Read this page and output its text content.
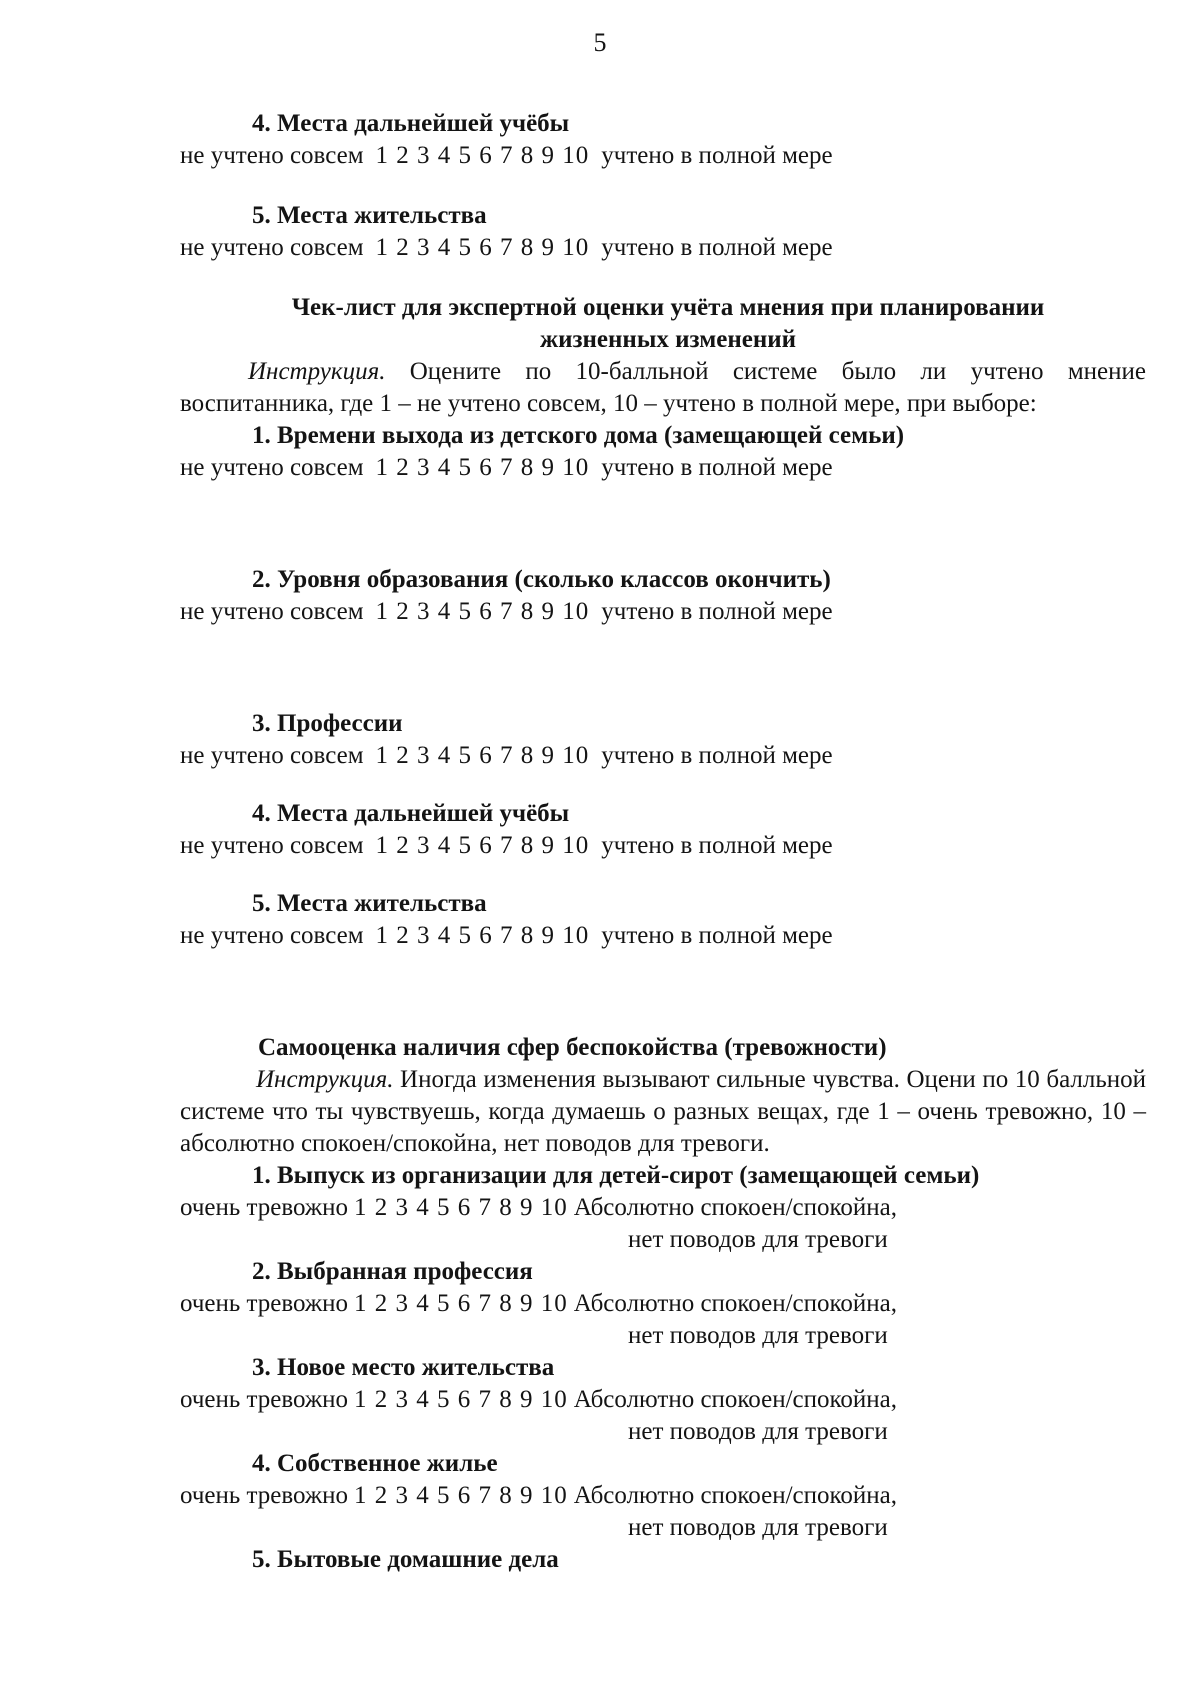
5
4. Места дальнейшей учёбы
не учтено совсем 1 2 3 4 5 6 7 8 9 10 учтено в полной мере
5. Места жительства
не учтено совсем 1 2 3 4 5 6 7 8 9 10 учтено в полной мере
Чек-лист для экспертной оценки учёта мнения при планировании
жизненных изменений
Инструкция. Оцените по 10-балльной системе было ли учтено мнение воспитанника, где 1 – не учтено совсем, 10 – учтено в полной мере, при выборе:
1. Времени выхода из детского дома (замещающей семьи)
не учтено совсем 1 2 3 4 5 6 7 8 9 10 учтено в полной мере
2. Уровня образования (сколько классов окончить)
не учтено совсем 1 2 3 4 5 6 7 8 9 10 учтено в полной мере
3. Профессии
не учтено совсем 1 2 3 4 5 6 7 8 9 10 учтено в полной мере
4. Места дальнейшей учёбы
не учтено совсем 1 2 3 4 5 6 7 8 9 10 учтено в полной мере
5. Места жительства
не учтено совсем 1 2 3 4 5 6 7 8 9 10 учтено в полной мере
Самооценка наличия сфер беспокойства (тревожности)
Инструкция. Иногда изменения вызывают сильные чувства. Оцени по 10 балльной системе что ты чувствуешь, когда думаешь о разных вещах, где 1 – очень тревожно, 10 – абсолютно спокоен/спокойна, нет поводов для тревоги.
1. Выпуск из организации для детей-сирот (замещающей семьи)
очень тревожно 1 2 3 4 5 6 7 8 9 10 Абсолютно спокоен/спокойна,
нет поводов для тревоги
2. Выбранная профессия
очень тревожно 1 2 3 4 5 6 7 8 9 10 Абсолютно спокоен/спокойна,
нет поводов для тревоги
3. Новое место жительства
очень тревожно 1 2 3 4 5 6 7 8 9 10 Абсолютно спокоен/спокойна,
нет поводов для тревоги
4. Собственное жилье
очень тревожно 1 2 3 4 5 6 7 8 9 10 Абсолютно спокоен/спокойна,
нет поводов для тревоги
5. Бытовые домашние дела
